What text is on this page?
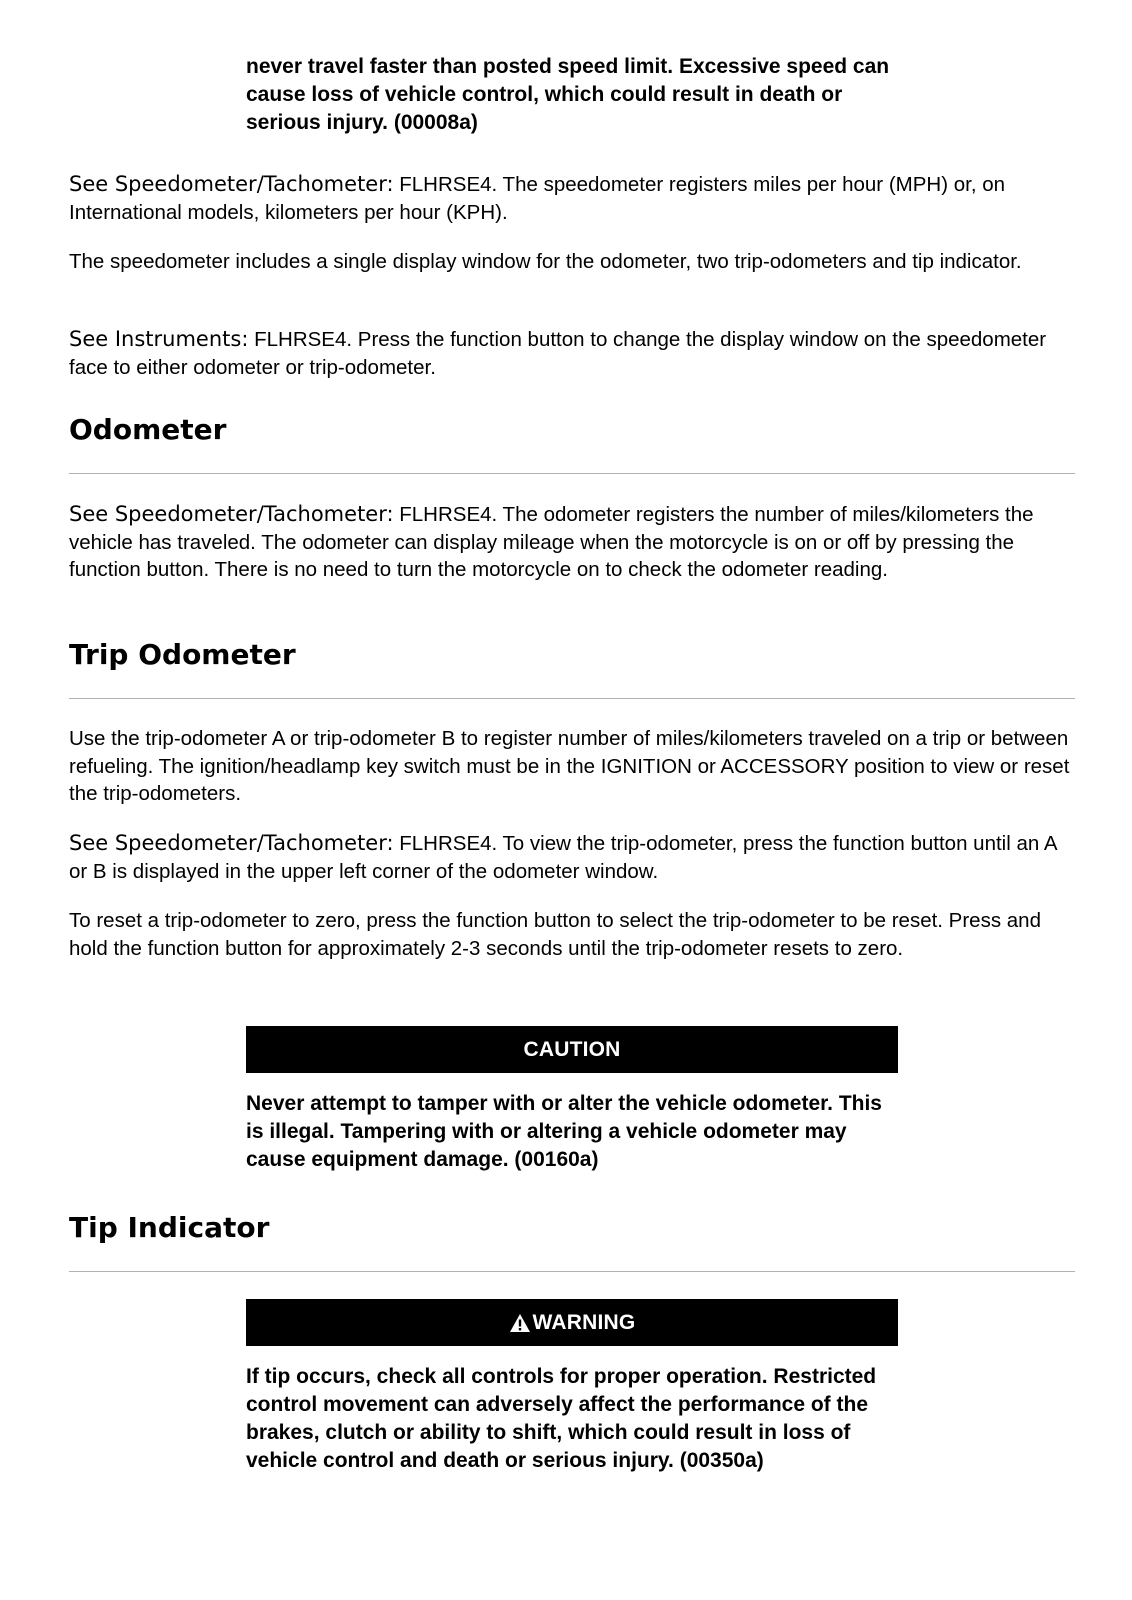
never travel faster than posted speed limit. Excessive speed can cause loss of vehicle control, which could result in death or serious injury. (00008a)

See Speedometer/Tachometer: FLHRSE4. The speedometer registers miles per hour (MPH) or, on International models, kilometers per hour (KPH).

The speedometer includes a single display window for the odometer, two trip-odometers and tip indicator.

See Instruments: FLHRSE4. Press the function button to change the display window on the speedometer face to either odometer or trip-odometer.

Odometer

See Speedometer/Tachometer: FLHRSE4. The odometer registers the number of miles/kilometers the vehicle has traveled. The odometer can display mileage when the motorcycle is on or off by pressing the function button. There is no need to turn the motorcycle on to check the odometer reading.

Trip Odometer

Use the trip-odometer A or trip-odometer B to register number of miles/kilometers traveled on a trip or between refueling. The ignition/headlamp key switch must be in the IGNITION or ACCESSORY position to view or reset the trip-odometers.

See Speedometer/Tachometer: FLHRSE4. To view the trip-odometer, press the function button until an A or B is displayed in the upper left corner of the odometer window.

To reset a trip-odometer to zero, press the function button to select the trip-odometer to be reset. Press and hold the function button for approximately 2-3 seconds until the trip-odometer resets to zero.

CAUTION

Never attempt to tamper with or alter the vehicle odometer. This is illegal. Tampering with or altering a vehicle odometer may cause equipment damage. (00160a)

Tip Indicator
WARNING

If tip occurs, check all controls for proper operation. Restricted control movement can adversely affect the performance of the brakes, clutch or ability to shift, which could result in loss of vehicle control and death or serious injury. (00350a)
